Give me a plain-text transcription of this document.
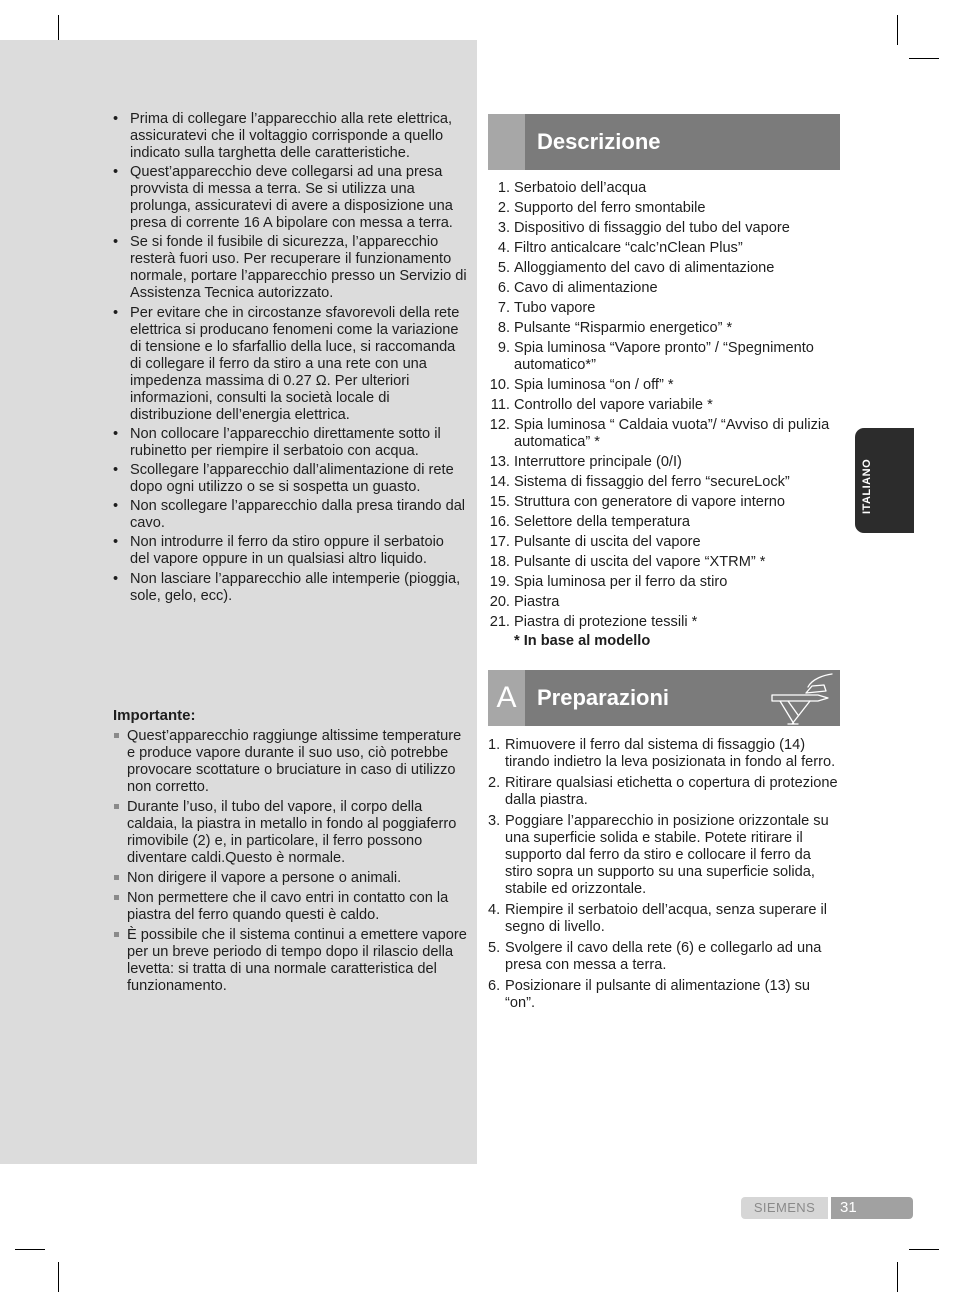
• Prima di collegare l’apparecchio alla rete elettrica, assicuratevi che il voltaggio corrisponde a quello indicato sulla targhetta delle caratteristiche.
• Quest’apparecchio deve collegarsi ad una presa provvista di messa a terra. Se si utilizza una prolunga, assicuratevi di avere a disposizione una presa di corrente 16 A bipolare con messa a terra.
• Se si fonde il fusibile di sicurezza, l’apparecchio resterà fuori uso. Per recuperare il funzionamento normale, portare l’apparecchio presso un Servizio di Assistenza Tecnica autorizzato.
• Per evitare che in circostanze sfavorevoli della rete elettrica si producano fenomeni come la variazione di tensione e lo sfarfallio della luce, si raccomanda di collegare il ferro da stiro a una rete con una impedenza massima di 0.27 Ω. Per ulteriori informazioni, consulti la società locale di distribuzione dell’energia elettrica.
• Non collocare l’apparecchio direttamente sotto il rubinetto per riempire il serbatoio con acqua.
• Scollegare l’apparecchio dall’alimentazione di rete dopo ogni utilizzo o se si sospetta un guasto.
• Non scollegare l’apparecchio dalla presa tirando dal cavo.
• Non introdurre il ferro da stiro oppure il serbatoio del vapore oppure in un qualsiasi altro liquido.
• Non lasciare l’apparecchio alle intemperie (pioggia, sole, gelo, ecc).
Importante:
Quest’apparecchio raggiunge altissime temperature e produce vapore durante il suo uso, ciò potrebbe provocare scottature o bruciature in caso di utilizzo non corretto.
Durante l’uso, il tubo del vapore, il corpo della caldaia, la piastra in metallo in fondo al poggiaferro rimovibile (2) e, in particolare, il ferro possono diventare caldi.Questo è normale.
Non dirigere il vapore a persone o animali.
Non permettere che il cavo entri in contatto con la piastra del ferro quando questi è caldo.
È possibile che il sistema continui a emettere vapore per un breve periodo di tempo dopo il rilascio della levetta: si tratta di una normale caratteristica del funzionamento.
Descrizione
1. Serbatoio dell’acqua
2. Supporto del ferro smontabile
3. Dispositivo di fissaggio del tubo del vapore
4. Filtro anticalcare “calc’nClean Plus”
5. Alloggiamento del cavo di alimentazione
6. Cavo di alimentazione
7. Tubo vapore
8. Pulsante “Risparmio energetico” *
9. Spia luminosa “Vapore pronto” / “Spegnimento automatico*”
10. Spia luminosa “on / off” *
11. Controllo del vapore variabile *
12. Spia luminosa “ Caldaia vuota”/ “Avviso di pulizia automatica” *
13. Interruttore principale (0/I)
14. Sistema di fissaggio del ferro “secureLock”
15. Struttura con generatore di vapore interno
16. Selettore della temperatura
17. Pulsante di uscita del vapore
18. Pulsante di uscita del vapore “XTRM” *
19. Spia luminosa per il ferro da stiro
20. Piastra
21. Piastra di protezione tessili *
* In base al modello
A Preparazioni
1. Rimuovere il ferro dal sistema di fissaggio (14) tirando indietro la leva posizionata in fondo al ferro.
2. Ritirare qualsiasi etichetta o copertura di protezione dalla piastra.
3. Poggiare l’apparecchio in posizione orizzontale su una superficie solida e stabile. Potete ritirare il supporto dal ferro da stiro e collocare il ferro da stiro sopra un supporto su una superficie solida, stabile ed orizzontale.
4. Riempire il serbatoio dell’acqua, senza superare il segno di livello.
5. Svolgere il cavo della rete (6) e collegarlo ad una presa con messa a terra.
6. Posizionare il pulsante di alimentazione (13) su “on”.
ITALIANO
SIEMENS	31
